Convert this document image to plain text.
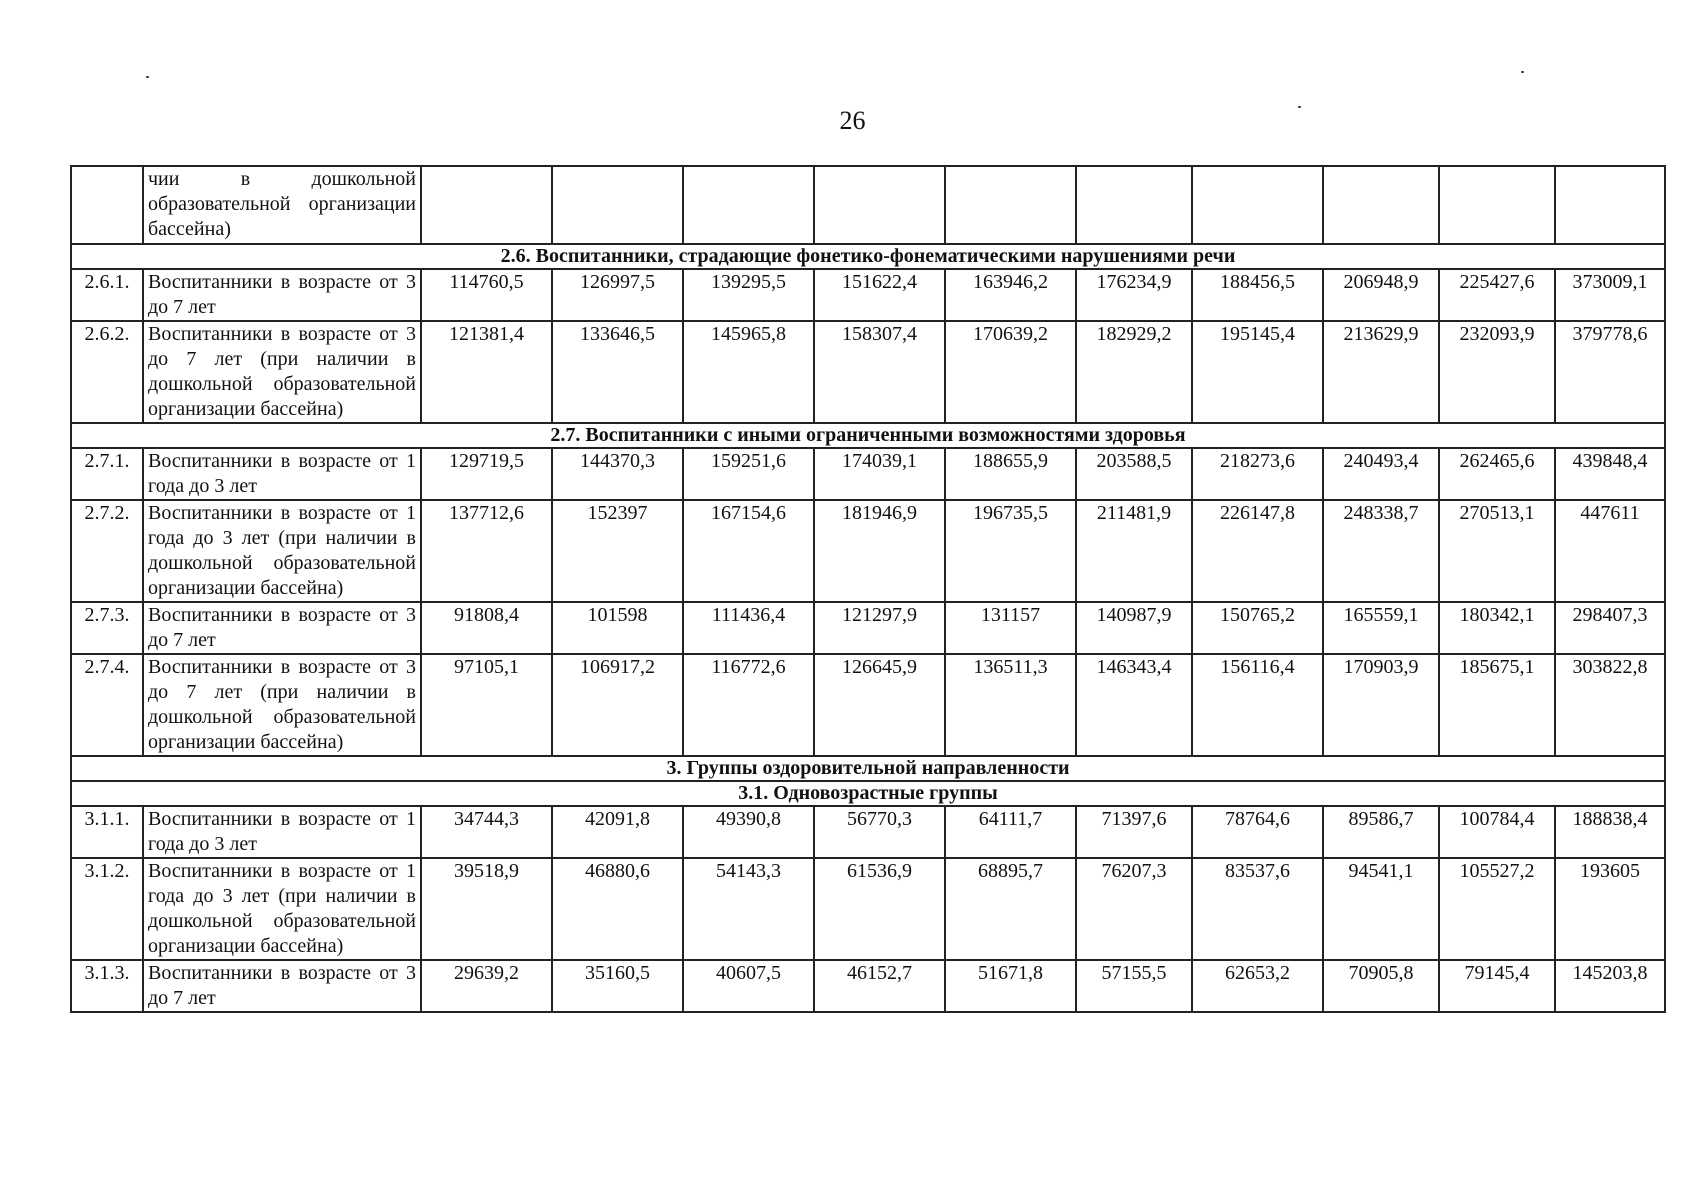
26
	чии в дошкольной образовательной организации бассейна)										
2.6. Воспитанники, страдающие фонетико-фонематическими нарушениями речи											
2.6.1.	Воспитанники в возрасте от 3 до 7 лет	114760,5	126997,5	139295,5	151622,4	163946,2	176234,9	188456,5	206948,9	225427,6	373009,1
2.6.2.	Воспитанники в возрасте от 3 до 7 лет (при наличии в дошкольной образовательной организации бассейна)	121381,4	133646,5	145965,8	158307,4	170639,2	182929,2	195145,4	213629,9	232093,9	379778,6
2.7. Воспитанники с иными ограниченными возможностями здоровья											
2.7.1.	Воспитанники в возрасте от 1 года до 3 лет	129719,5	144370,3	159251,6	174039,1	188655,9	203588,5	218273,6	240493,4	262465,6	439848,4
2.7.2.	Воспитанники в возрасте от 1 года до 3 лет (при наличии в дошкольной образовательной организации бассейна)	137712,6	152397	167154,6	181946,9	196735,5	211481,9	226147,8	248338,7	270513,1	447611
2.7.3.	Воспитанники в возрасте от 3 до 7 лет	91808,4	101598	111436,4	121297,9	131157	140987,9	150765,2	165559,1	180342,1	298407,3
2.7.4.	Воспитанники в возрасте от 3 до 7 лет (при наличии в дошкольной образовательной организации бассейна)	97105,1	106917,2	116772,6	126645,9	136511,3	146343,4	156116,4	170903,9	185675,1	303822,8
3. Группы оздоровительной направленности											
3.1. Одновозрастные группы											
3.1.1.	Воспитанники в возрасте от 1 года до 3 лет	34744,3	42091,8	49390,8	56770,3	64111,7	71397,6	78764,6	89586,7	100784,4	188838,4
3.1.2.	Воспитанники в возрасте от 1 года до 3 лет (при наличии в дошкольной образовательной организации бассейна)	39518,9	46880,6	54143,3	61536,9	68895,7	76207,3	83537,6	94541,1	105527,2	193605
3.1.3.	Воспитанники в возрасте от 3 до 7 лет	29639,2	35160,5	40607,5	46152,7	51671,8	57155,5	62653,2	70905,8	79145,4	145203,8
